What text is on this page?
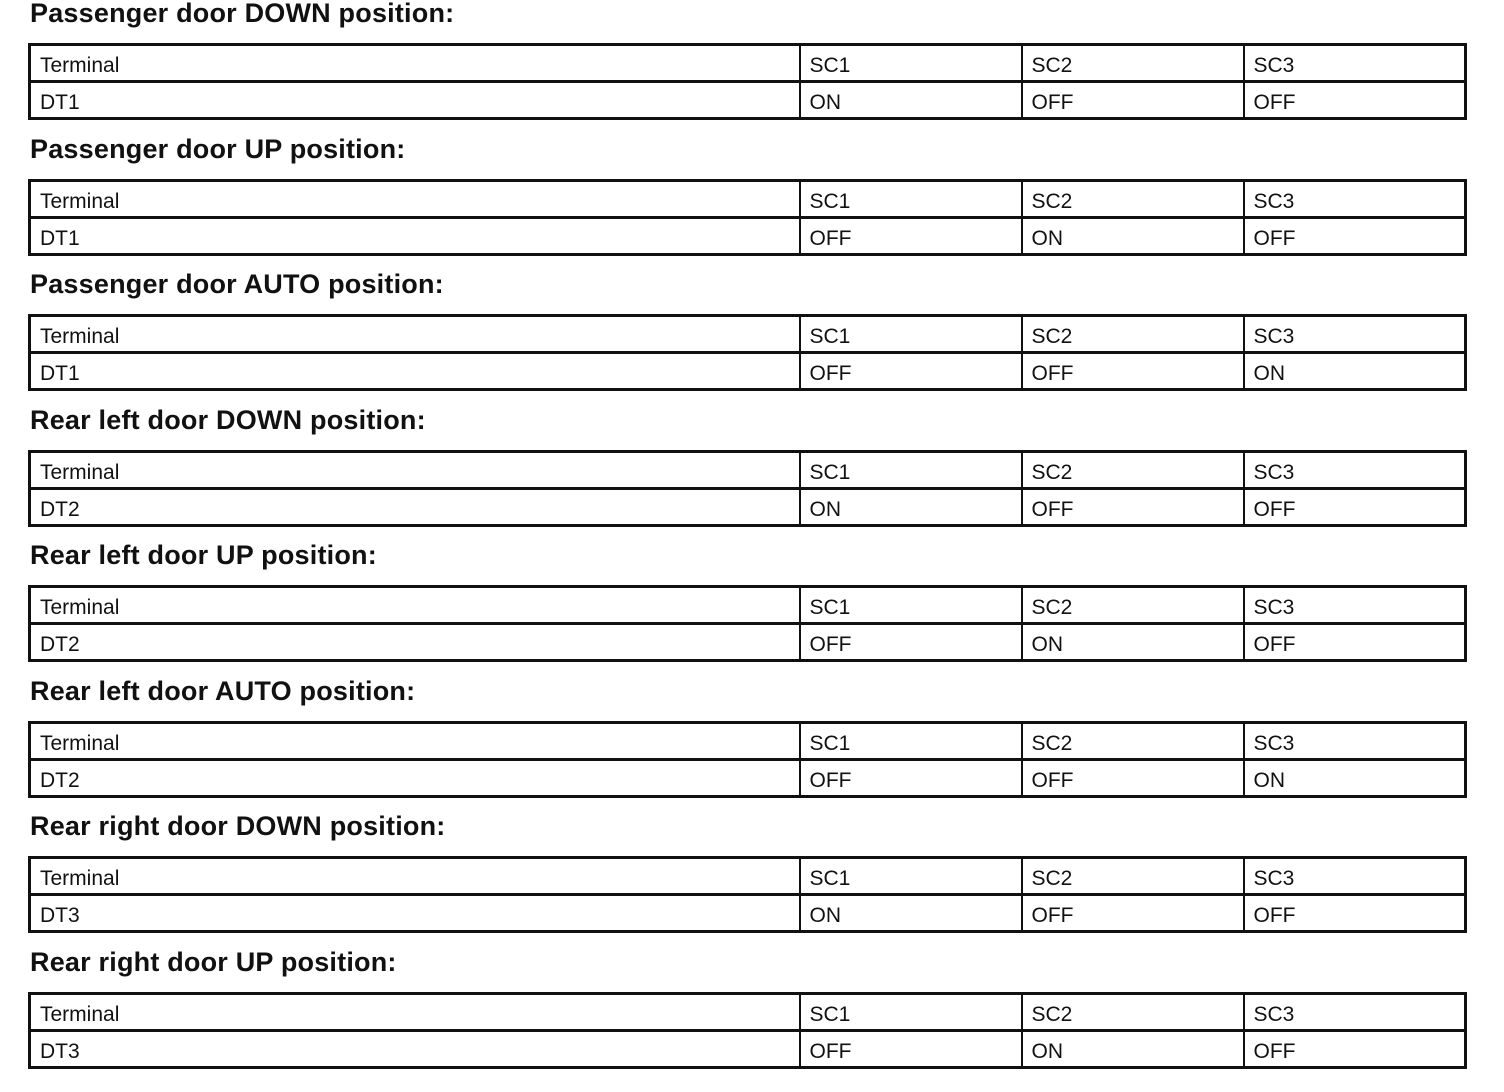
Passenger door DOWN position:
Terminal	SC1	SC2	SC3
DT1	ON	OFF	OFF
Passenger door UP position:
Terminal	SC1	SC2	SC3
DT1	OFF	ON	OFF
Passenger door AUTO position:
Terminal	SC1	SC2	SC3
DT1	OFF	OFF	ON
Rear left door DOWN position:
Terminal	SC1	SC2	SC3
DT2	ON	OFF	OFF
Rear left door UP position:
Terminal	SC1	SC2	SC3
DT2	OFF	ON	OFF
Rear left door AUTO position:
Terminal	SC1	SC2	SC3
DT2	OFF	OFF	ON
Rear right door DOWN position:
Terminal	SC1	SC2	SC3
DT3	ON	OFF	OFF
Rear right door UP position:
Terminal	SC1	SC2	SC3
DT3	OFF	ON	OFF
